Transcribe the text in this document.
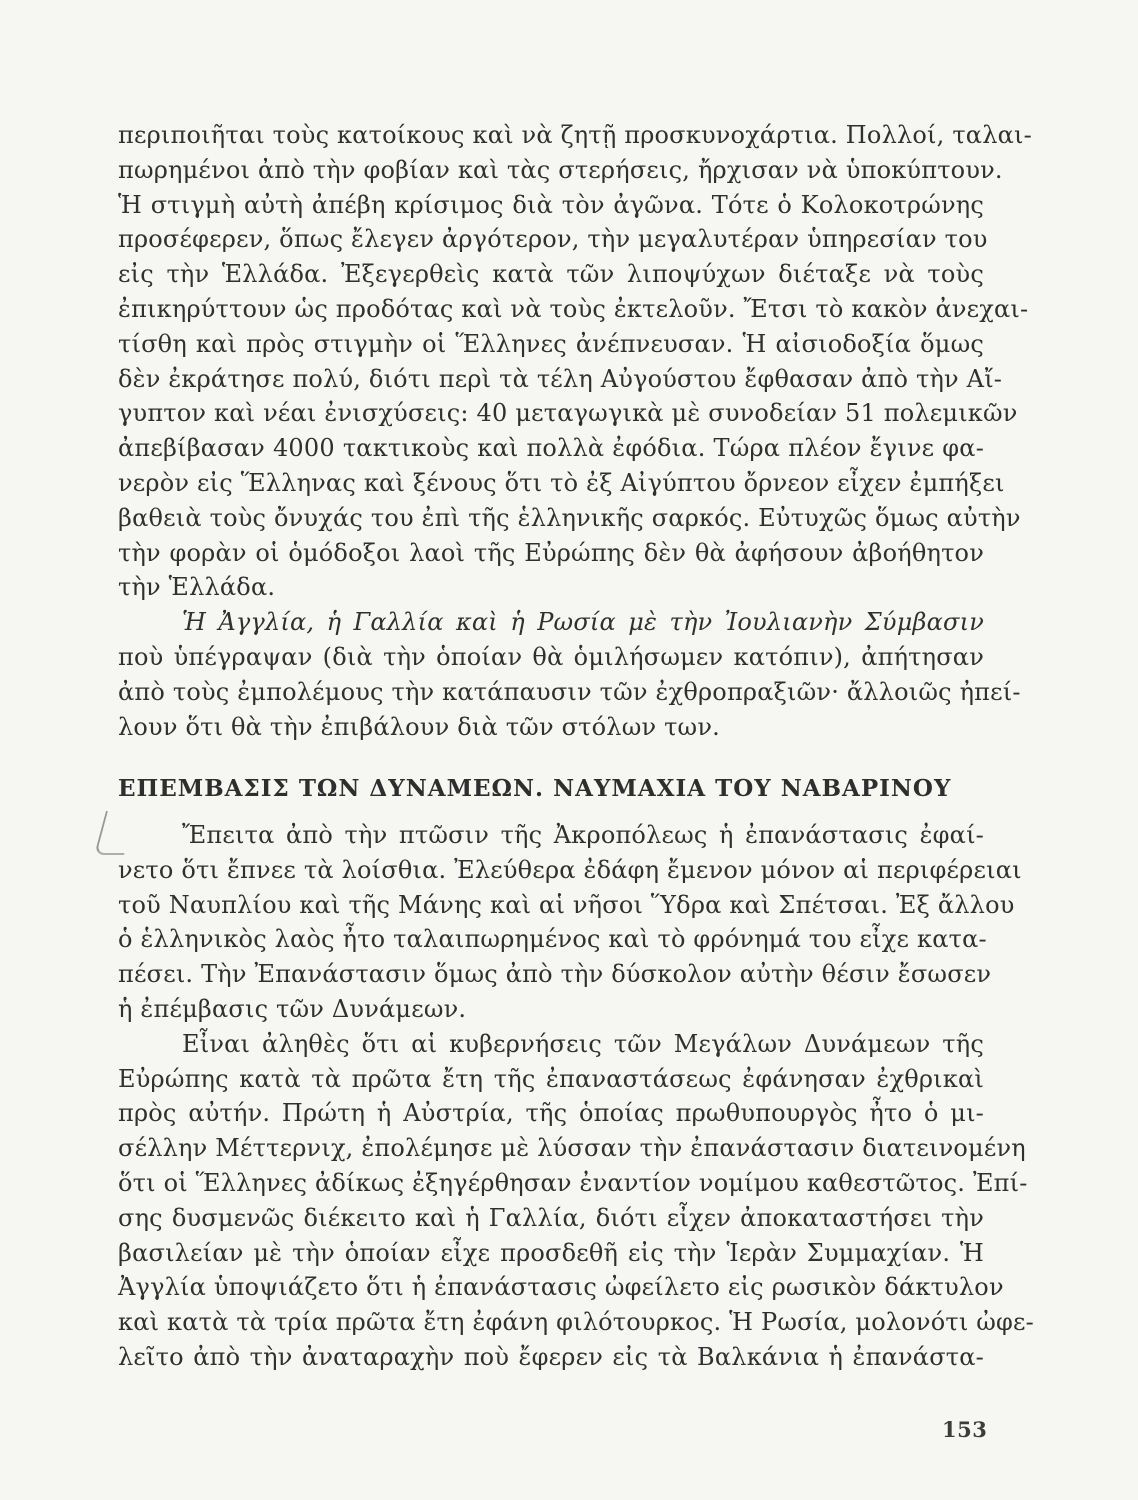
περιποιῆται τοὺς κατοίκους καὶ νὰ ζητῇ προσκυνοχάρτια. Πολλοί, ταλαι-
πωρημένοι ἀπὸ τὴν φοβίαν καὶ τὰς στερήσεις, ἤρχισαν νὰ ὑποκύπτουν.
Ἡ στιγμὴ αὐτὴ ἀπέβη κρίσιμος διὰ τὸν ἀγῶνα. Τότε ὁ Κολοκοτρώνης
προσέφερεν, ὅπως ἔλεγεν ἀργότερον, τὴν μεγαλυτέραν ὑπηρεσίαν του
εἰς τὴν Ἑλλάδα. Ἐξεγερθεὶς κατὰ τῶν λιποψύχων διέταξε νὰ τοὺς
ἐπικηρύττουν ὡς προδότας καὶ νὰ τοὺς ἐκτελοῦν. Ἔτσι τὸ κακὸν ἀνεχαι-
τίσθη καὶ πρὸς στιγμὴν οἱ Ἕλληνες ἀνέπνευσαν. Ἡ αἰσιοδοξία ὅμως
δὲν ἐκράτησε πολύ, διότι περὶ τὰ τέλη Αὐγούστου ἔφθασαν ἀπὸ τὴν Αἴ-
γυπτον καὶ νέαι ἐνισχύσεις: 40 μεταγωγικὰ μὲ συνοδείαν 51 πολεμικῶν
ἀπεβίβασαν 4000 τακτικοὺς καὶ πολλὰ ἐφόδια. Τώρα πλέον ἔγινε φα-
νερὸν εἰς Ἕλληνας καὶ ξένους ὅτι τὸ ἐξ Αἰγύπτου ὄρνεον εἶχεν ἐμπήξει
βαθειὰ τοὺς ὄνυχάς του ἐπὶ τῆς ἑλληνικῆς σαρκός. Εὐτυχῶς ὅμως αὐτὴν
τὴν φορὰν οἱ ὁμόδοξοι λαοὶ τῆς Εὐρώπης δὲν θὰ ἀφήσουν ἀβοήθητον
τὴν Ἑλλάδα.
Ἡ Ἀγγλία, ἡ Γαλλία καὶ ἡ Ρωσία μὲ τὴν Ἰουλιανὴν Σύμβασιν
ποὺ ὑπέγραψαν (διὰ τὴν ὁποίαν θὰ ὁμιλήσωμεν κατόπιν), ἀπήτησαν
ἀπὸ τοὺς ἐμπολέμους τὴν κατάπαυσιν τῶν ἐχθροπραξιῶν· ἄλλοιῶς ἠπεί-
λουν ὅτι θὰ τὴν ἐπιβάλουν διὰ τῶν στόλων των.
ΕΠΕΜΒΑΣΙΣ ΤΩΝ ΔΥΝΑΜΕΩΝ. ΝΑΥΜΑΧΙΑ ΤΟΥ ΝΑΒΑΡΙΝΟΥ
Ἔπειτα ἀπὸ τὴν πτῶσιν τῆς Ἀκροπόλεως ἡ ἐπανάστασις ἐφαί-
νετο ὅτι ἔπνεε τὰ λοίσθια. Ἐλεύθερα ἐδάφη ἔμενον μόνον αἱ περιφέρειαι
τοῦ Ναυπλίου καὶ τῆς Μάνης καὶ αἱ νῆσοι Ὕδρα καὶ Σπέτσαι. Ἐξ ἄλλου
ὁ ἑλληνικὸς λαὸς ἦτο ταλαιπωρημένος καὶ τὸ φρόνημά του εἶχε κατα-
πέσει. Τὴν Ἐπανάστασιν ὅμως ἀπὸ τὴν δύσκολον αὐτὴν θέσιν ἔσωσεν
ἡ ἐπέμβασις τῶν Δυνάμεων.
Εἶναι ἀληθὲς ὅτι αἱ κυβερνήσεις τῶν Μεγάλων Δυνάμεων τῆς
Εὐρώπης κατὰ τὰ πρῶτα ἔτη τῆς ἐπαναστάσεως ἐφάνησαν ἐχθρικαὶ
πρὸς αὐτήν. Πρώτη ἡ Αὐστρία, τῆς ὁποίας πρωθυπουργὸς ἦτο ὁ μι-
σέλλην Μέττερνιχ, ἐπολέμησε μὲ λύσσαν τὴν ἐπανάστασιν διατεινομένη
ὅτι οἱ Ἕλληνες ἀδίκως ἐξηγέρθησαν ἐναντίον νομίμου καθεστῶτος. Ἐπί-
σης δυσμενῶς διέκειτο καὶ ἡ Γαλλία, διότι εἶχεν ἀποκαταστήσει τὴν
βασιλείαν μὲ τὴν ὁποίαν εἶχε προσδεθῆ εἰς τὴν Ἱερὰν Συμμαχίαν. Ἡ
Ἀγγλία ὑποψιάζετο ὅτι ἡ ἐπανάστασις ὠφείλετο εἰς ρωσικὸν δάκτυλον
καὶ κατὰ τὰ τρία πρῶτα ἔτη ἐφάνη φιλότουρκος. Ἡ Ρωσία, μολονότι ὠφε-
λεῖτο ἀπὸ τὴν ἀναταραχὴν ποὺ ἔφερεν εἰς τὰ Βαλκάνια ἡ ἐπανάστα-
153
